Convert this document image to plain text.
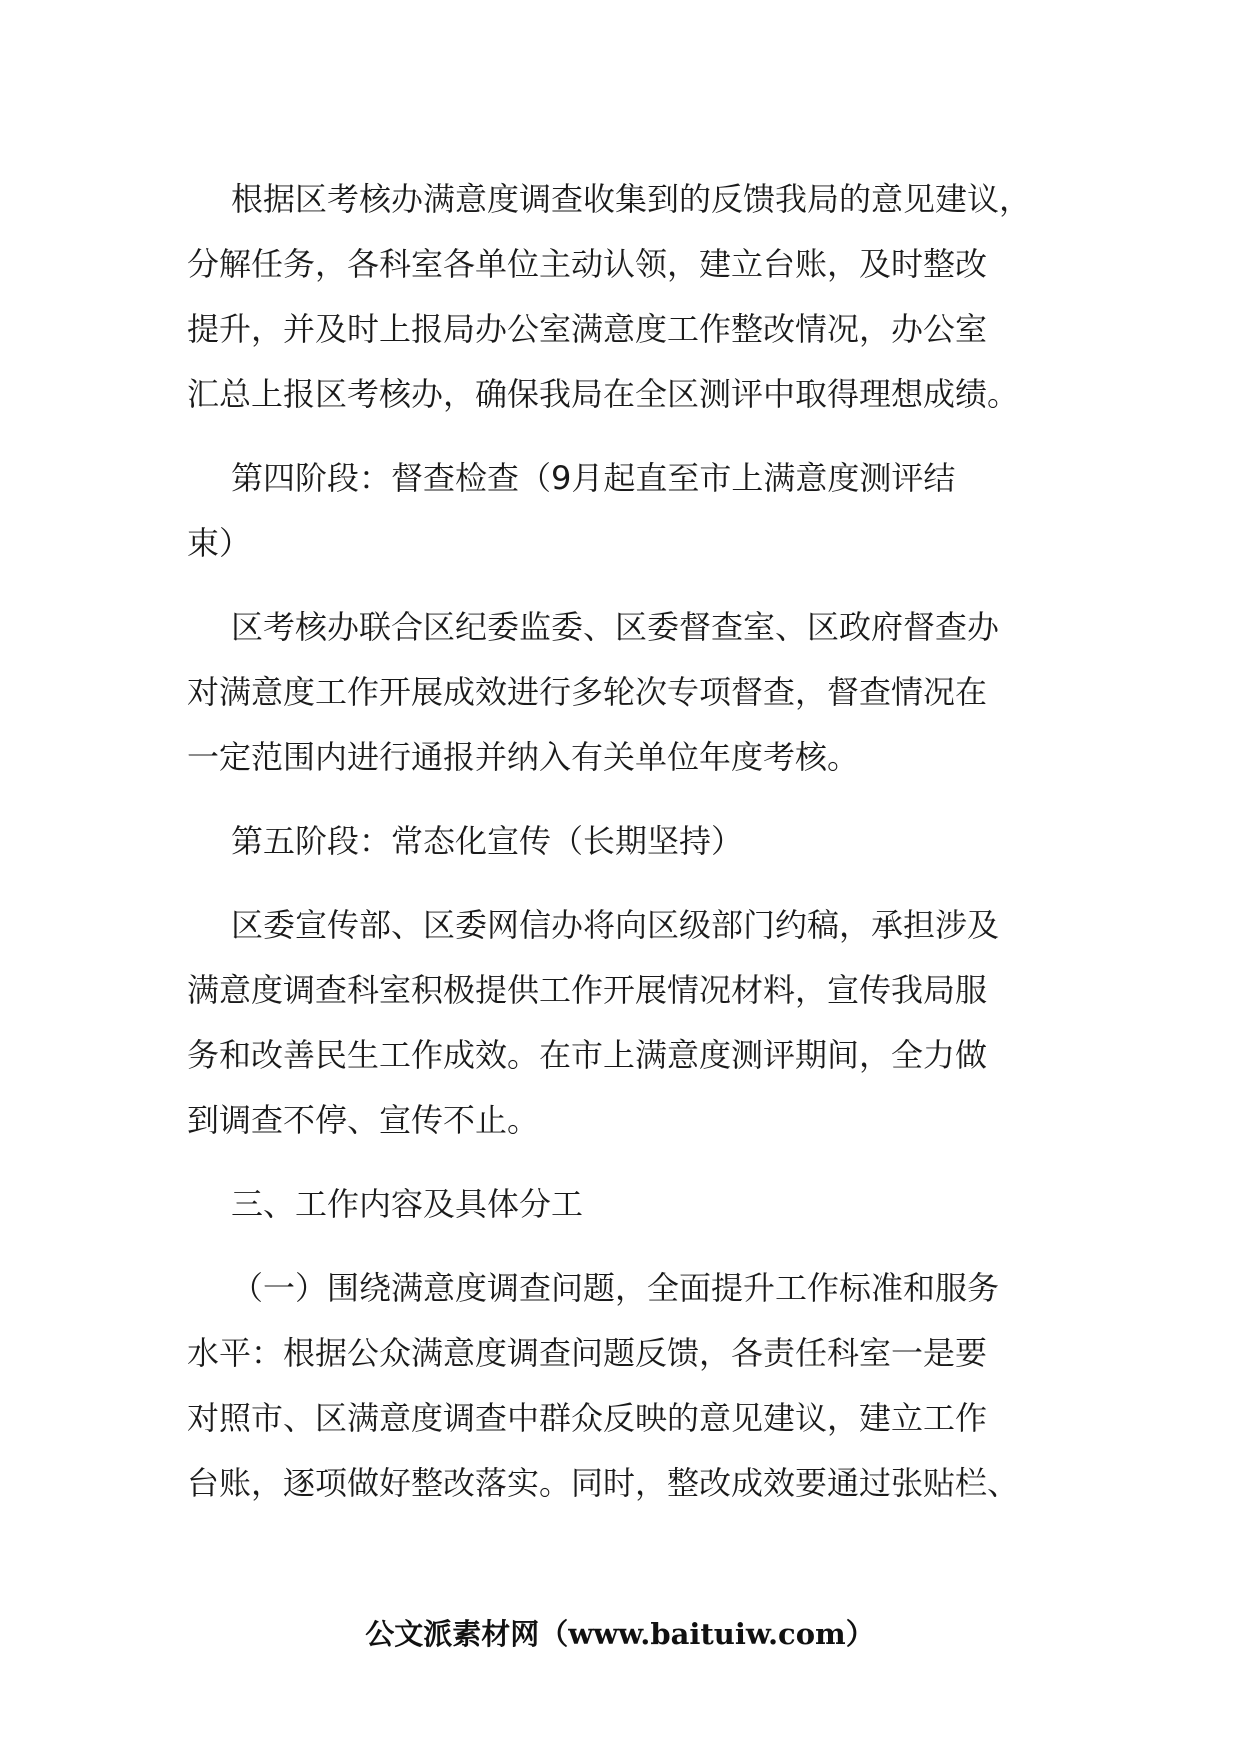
根据区考核办满意度调查收集到的反馈我局的意见建议，
分解任务，各科室各单位主动认领，建立台账，及时整改
提升，并及时上报局办公室满意度工作整改情况，办公室
汇总上报区考核办，确保我局在全区测评中取得理想成绩。

第四阶段：督查检查（9月起直至市上满意度测评结
束）

区考核办联合区纪委监委、区委督查室、区政府督查办
对满意度工作开展成效进行多轮次专项督查，督查情况在
一定范围内进行通报并纳入有关单位年度考核。

第五阶段：常态化宣传（长期坚持）

区委宣传部、区委网信办将向区级部门约稿，承担涉及
满意度调查科室积极提供工作开展情况材料，宣传我局服
务和改善民生工作成效。在市上满意度测评期间，全力做
到调查不停、宣传不止。

三、工作内容及具体分工

（一）围绕满意度调查问题，全面提升工作标准和服务
水平：根据公众满意度调查问题反馈，各责任科室一是要
对照市、区满意度调查中群众反映的意见建议，建立工作
台账，逐项做好整改落实。同时，整改成效要通过张贴栏、

公文派素材网（www.baituiw.com）
